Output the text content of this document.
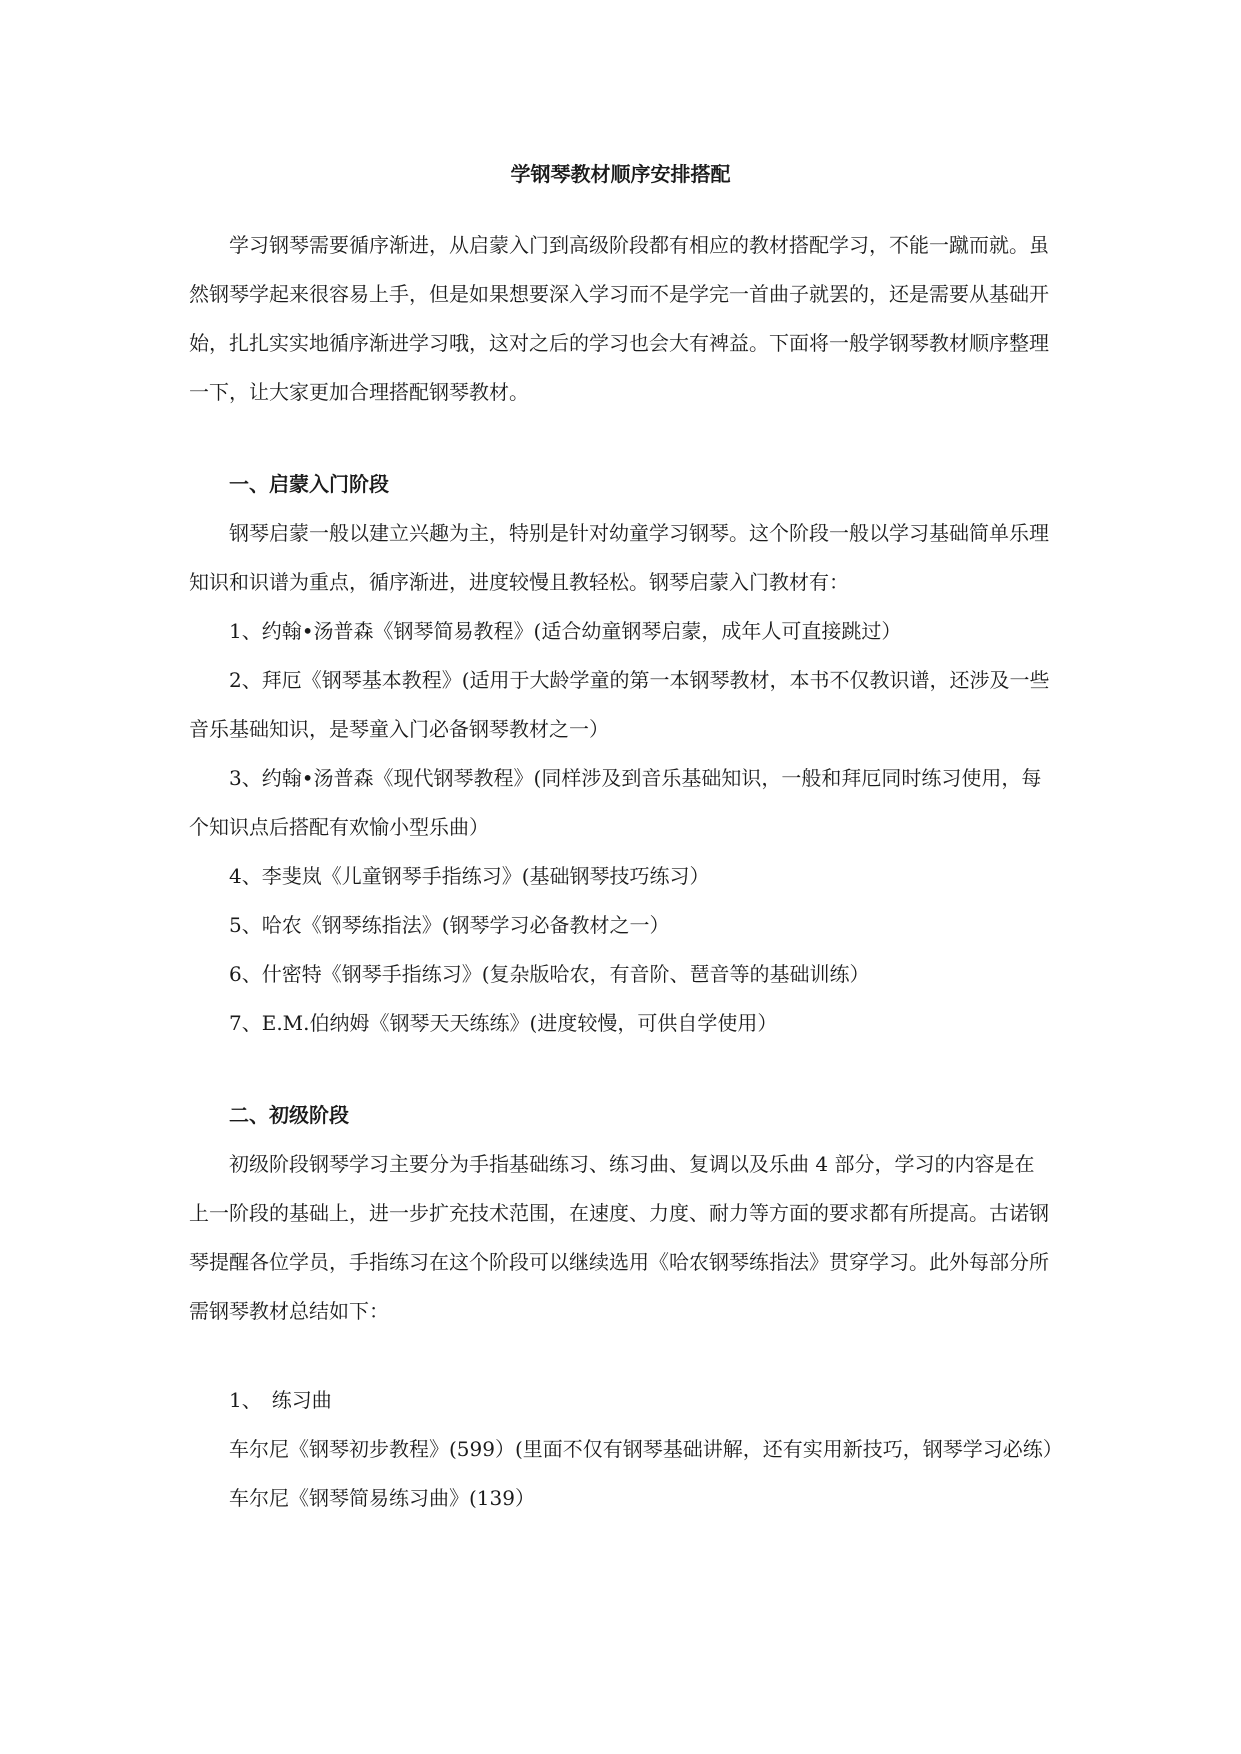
学钢琴教材顺序安排搭配

学习钢琴需要循序渐进，从启蒙入门到高级阶段都有相应的教材搭配学习，不能一蹴而就。虽然钢琴学起来很容易上手，但是如果想要深入学习而不是学完一首曲子就罢的，还是需要从基础开始，扎扎实实地循序渐进学习哦，这对之后的学习也会大有裨益。下面将一般学钢琴教材顺序整理一下，让大家更加合理搭配钢琴教材。

一、启蒙入门阶段

钢琴启蒙一般以建立兴趣为主，特别是针对幼童学习钢琴。这个阶段一般以学习基础简单乐理知识和识谱为重点，循序渐进，进度较慢且教轻松。钢琴启蒙入门教材有：

1、约翰•汤普森《钢琴简易教程》(适合幼童钢琴启蒙，成年人可直接跳过）

2、拜厄《钢琴基本教程》(适用于大龄学童的第一本钢琴教材，本书不仅教识谱，还涉及一些音乐基础知识，是琴童入门必备钢琴教材之一）

3、约翰•汤普森《现代钢琴教程》(同样涉及到音乐基础知识，一般和拜厄同时练习使用，每个知识点后搭配有欢愉小型乐曲）

4、李斐岚《儿童钢琴手指练习》(基础钢琴技巧练习）

5、哈农《钢琴练指法》(钢琴学习必备教材之一）

6、什密特《钢琴手指练习》(复杂版哈农，有音阶、琶音等的基础训练）

7、E.M.伯纳姆《钢琴天天练练》(进度较慢，可供自学使用）

二、初级阶段

初级阶段钢琴学习主要分为手指基础练习、练习曲、复调以及乐曲 4 部分，学习的内容是在上一阶段的基础上，进一步扩充技术范围，在速度、力度、耐力等方面的要求都有所提高。古诺钢琴提醒各位学员，手指练习在这个阶段可以继续选用《哈农钢琴练指法》贯穿学习。此外每部分所需钢琴教材总结如下：

1、　练习曲

车尔尼《钢琴初步教程》(599）(里面不仅有钢琴基础讲解，还有实用新技巧，钢琴学习必练）

车尔尼《钢琴简易练习曲》(139）
